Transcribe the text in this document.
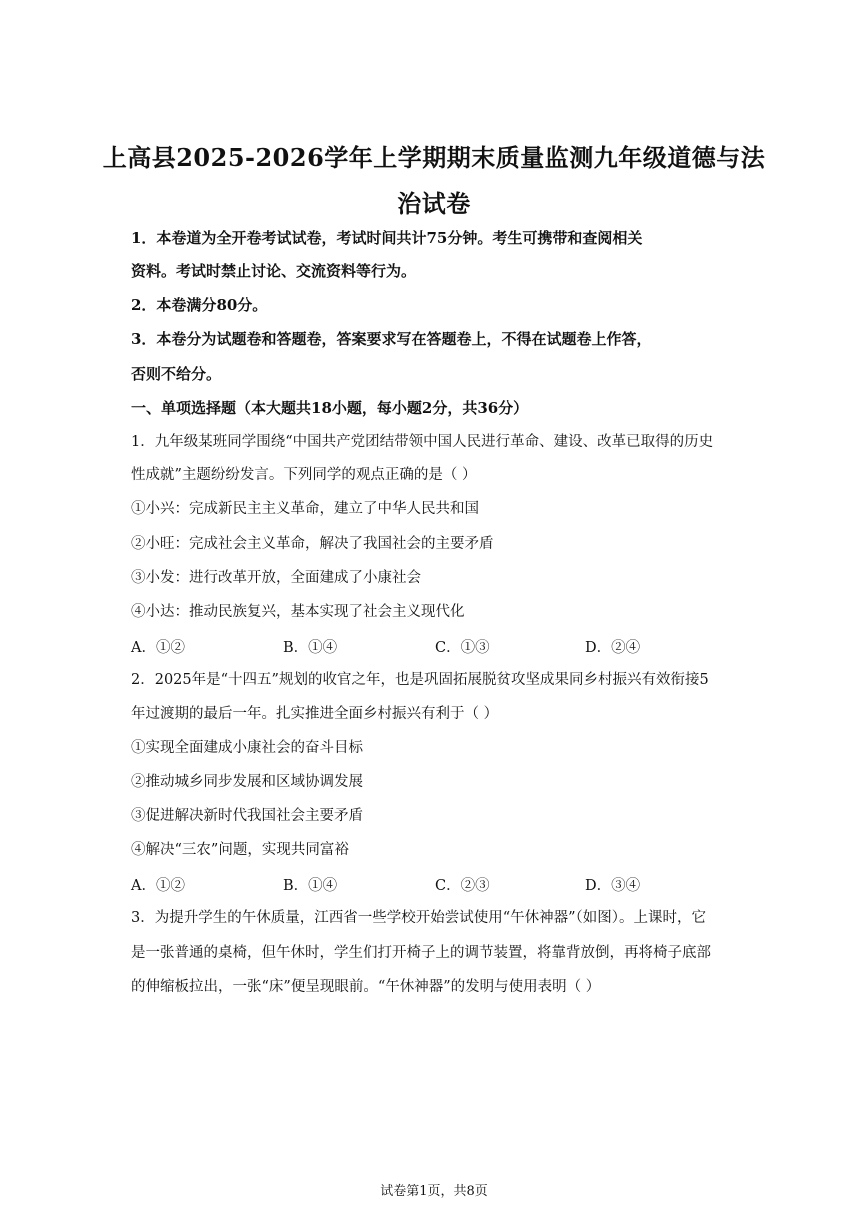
上高县2025-2026学年上学期期末质量监测九年级道德与法
治试卷
1．本卷道为全开卷考试试卷，考试时间共计75分钟。考生可携带和查阅相关
资料。考试时禁止讨论、交流资料等行为。
2．本卷满分80分。
3．本卷分为试题卷和答题卷，答案要求写在答题卷上，不得在试题卷上作答，
否则不给分。
一、单项选择题（本大题共18小题，每小题2分，共36分）
1．九年级某班同学围绕“中国共产党团结带领中国人民进行革命、建设、改革已取得的历史
性成就”主题纷纷发言。下列同学的观点正确的是（ ）
①小兴：完成新民主主义革命，建立了中华人民共和国
②小旺：完成社会主义革命，解决了我国社会的主要矛盾
③小发：进行改革开放，全面建成了小康社会
④小达：推动民族复兴，基本实现了社会主义现代化
A．①②	B．①④	C．①③	D．②④
2．2025年是“十四五”规划的收官之年，也是巩固拓展脱贫攻坚成果同乡村振兴有效衔接5
年过渡期的最后一年。扎实推进全面乡村振兴有利于（ ）
①实现全面建成小康社会的奋斗目标
②推动城乡同步发展和区域协调发展
③促进解决新时代我国社会主要矛盾
④解决“三农”问题，实现共同富裕
A．①②	B．①④	C．②③	D．③④
3．为提升学生的午休质量，江西省一些学校开始尝试使用“午休神器”（如图）。上课时，它
是一张普通的桌椅，但午休时，学生们打开椅子上的调节装置，将靠背放倒，再将椅子底部
的伸缩板拉出，一张“床”便呈现眼前。“午休神器”的发明与使用表明（ ）
试卷第1页，共8页
